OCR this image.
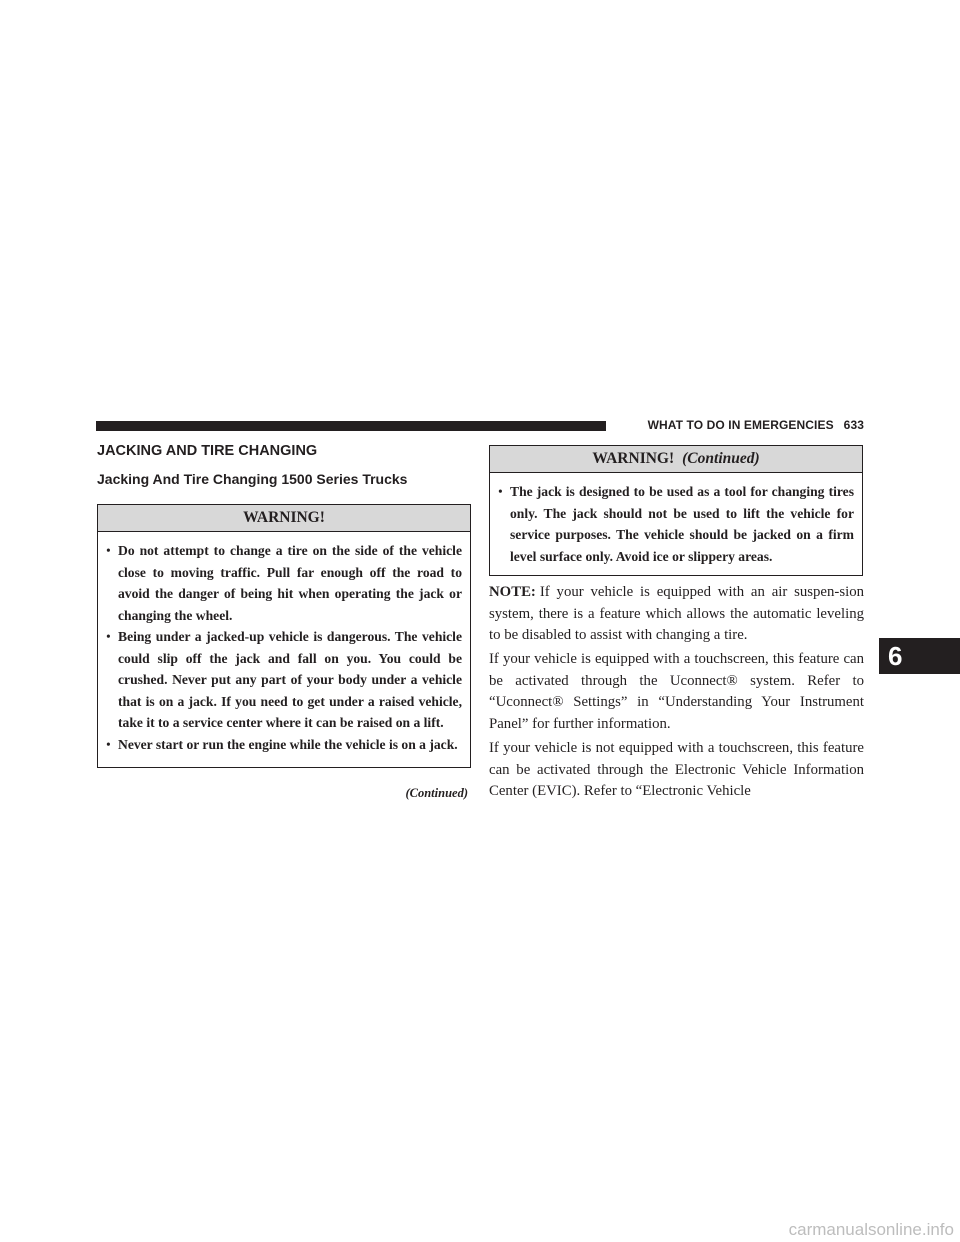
WHAT TO DO IN EMERGENCIES 633
JACKING AND TIRE CHANGING
Jacking And Tire Changing 1500 Series Trucks
WARNING!
• Do not attempt to change a tire on the side of the vehicle close to moving traffic. Pull far enough off the road to avoid the danger of being hit when operating the jack or changing the wheel.
• Being under a jacked-up vehicle is dangerous. The vehicle could slip off the jack and fall on you. You could be crushed. Never put any part of your body under a vehicle that is on a jack. If you need to get under a raised vehicle, take it to a service center where it can be raised on a lift.
• Never start or run the engine while the vehicle is on a jack.
(Continued)
WARNING! (Continued)
• The jack is designed to be used as a tool for changing tires only. The jack should not be used to lift the vehicle for service purposes. The vehicle should be jacked on a firm level surface only. Avoid ice or slippery areas.

NOTE: If your vehicle is equipped with an air suspen-sion system, there is a feature which allows the automatic leveling to be disabled to assist with changing a tire.

If your vehicle is equipped with a touchscreen, this feature can be activated through the Uconnect® system. Refer to “Uconnect® Settings” in “Understanding Your Instrument Panel” for further information.

If your vehicle is not equipped with a touchscreen, this feature can be activated through the Electronic Vehicle Information Center (EVIC). Refer to “Electronic Vehicle

6
carmanualsonline.info
